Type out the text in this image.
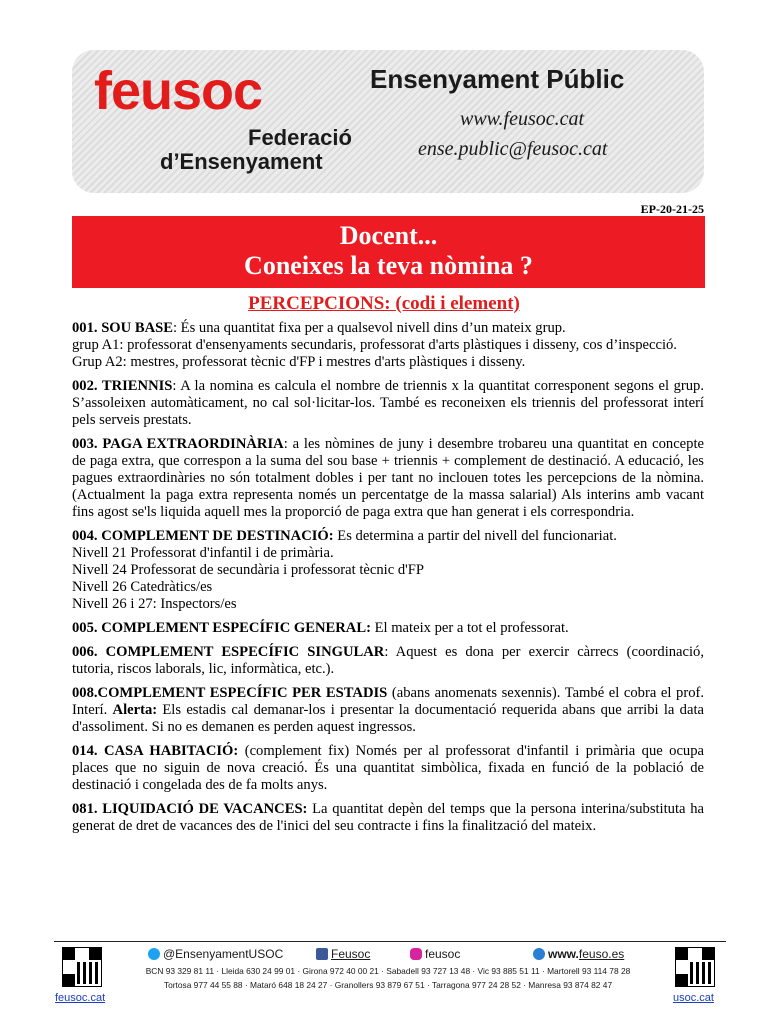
feusoc
Federació
d’Ensenyament
Ensenyament Públic
www.feusoc.cat
ense.public@feusoc.cat
EP-20-21-25
Docent...
Coneixes la teva nòmina ?
PERCEPCIONS: (codi i element)

001. SOU BASE: És una quantitat fixa per a qualsevol nivell dins d’un mateix grup.

grup A1: professorat d'ensenyaments secundaris, professorat d'arts plàstiques i disseny, cos d’inspecció.

Grup A2: mestres, professorat tècnic d'FP i mestres d'arts plàstiques i disseny.

002. TRIENNIS: A la nomina es calcula el nombre de triennis x la quantitat corresponent segons el grup. S’assoleixen automàticament, no cal sol·licitar-los. També es reconeixen els triennis del professorat interí pels serveis prestats.

003. PAGA EXTRAORDINÀRIA: a les nòmines de juny i desembre trobareu una quantitat en concepte de paga extra, que correspon a la suma del sou base + triennis + complement de destinació. A educació, les pagues extraordinàries no són totalment dobles i per tant no inclouen totes les percepcions de la nòmina. (Actualment la paga extra representa només un percentatge de la massa salarial) Als interins amb vacant fins agost se'ls liquida aquell mes la proporció de paga extra que han generat i els correspondria.

004. COMPLEMENT DE DESTINACIÓ: Es determina a partir del nivell del funcionariat.

Nivell 21 Professorat d'infantil i de primària.

Nivell 24 Professorat de secundària i professorat tècnic d'FP

Nivell 26 Catedràtics/es

Nivell 26 i 27: Inspectors/es

005. COMPLEMENT ESPECÍFIC GENERAL: El mateix per a tot el professorat.

006. COMPLEMENT ESPECÍFIC SINGULAR: Aquest es dona per exercir càrrecs (coordinació, tutoria, riscos laborals, lic, informàtica, etc.).

008.COMPLEMENT ESPECÍFIC PER ESTADIS (abans anomenats sexennis). També el cobra el prof. Interí. Alerta: Els estadis cal demanar-los i presentar la documentació requerida abans que arribi la data d'assoliment. Si no es demanen es perden aquest ingressos.

014. CASA HABITACIÓ: (complement fix) Només per al professorat d'infantil i primària que ocupa places que no siguin de nova creació. És una quantitat simbòlica, fixada en funció de la població de destinació i congelada des de fa molts anys.

081. LIQUIDACIÓ DE VACANCES: La quantitat depèn del temps que la persona interina/substituta ha generat de dret de vacances des de l'inici del seu contracte i fins la finalització del mateix.

feusoc.cat	usoc.cat
@EnsenyamentUSOC	Feusoc	feusoc	www.feuso.es
BCN 93 329 81 11 · Lleida 630 24 99 01 · Girona 972 40 00 21 · Sabadell 93 727 13 48 · Vic 93 885 51 11 · Martorell 93 114 78 28
Tortosa 977 44 55 88 · Mataró 648 18 24 27 · Granollers 93 879 67 51 · Tarragona 977 24 28 52 · Manresa 93 874 82 47
